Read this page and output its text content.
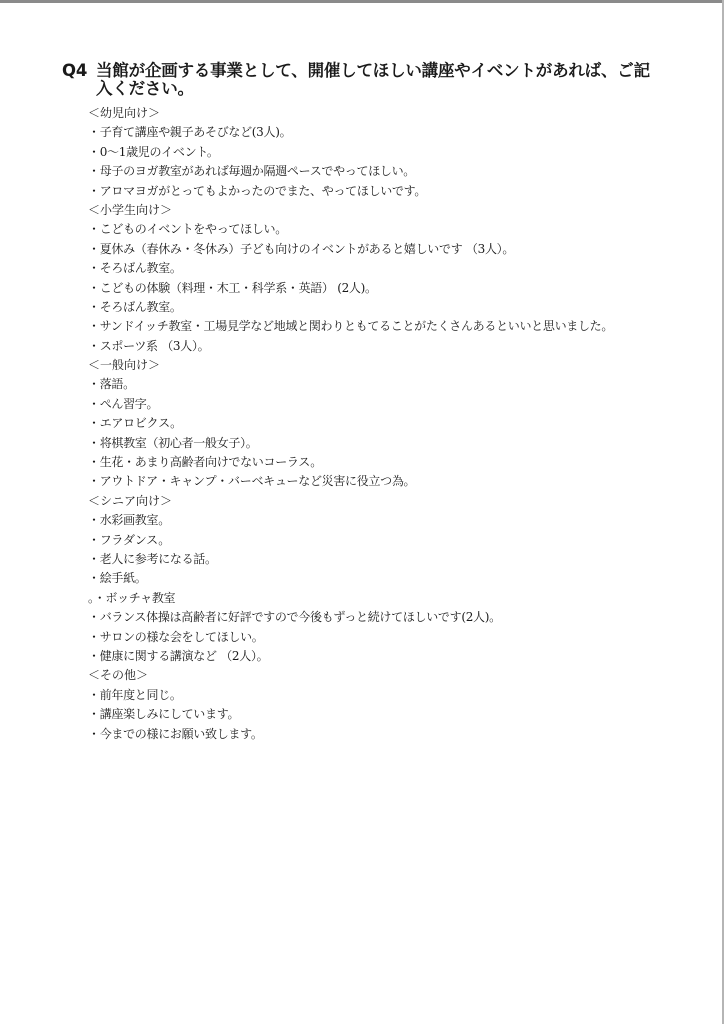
Q4 当館が企画する事業として、開催してほしい講座やイベントがあれば、ご記入ください。
＜幼児向け＞
・子育て講座や親子あそびなど(3人)。
・0～1歳児のイベント。
・母子のヨガ教室があれば毎週か隔週ペースでやってほしい。
・アロマヨガがとってもよかったのでまた、やってほしいです。
＜小学生向け＞
・こどものイベントをやってほしい。
・夏休み（春休み・冬休み）子ども向けのイベントがあると嬉しいです （3人）。
・そろばん教室。
・こどもの体験（料理・木工・科学系・英語） (2人)。
・そろばん教室。
・サンドイッチ教室・工場見学など地域と関わりともてることがたくさんあるといいと思いました。
・スポーツ系 （3人）。
＜一般向け＞
・落語。
・ぺん習字。
・エアロビクス。
・将棋教室（初心者一般女子）。
・生花・あまり高齢者向けでないコーラス。
・アウトドア・キャンプ・バーベキューなど災害に役立つ為。
＜シニア向け＞
・水彩画教室。
・フラダンス。
・老人に参考になる話。
・絵手紙。
。・ボッチャ教室
・バランス体操は高齢者に好評ですので今後もずっと続けてほしいです(2人)。
・サロンの様な会をしてほしい。
・健康に関する講演など （2人）。
＜その他＞
・前年度と同じ。
・講座楽しみにしています。
・今までの様にお願い致します。
